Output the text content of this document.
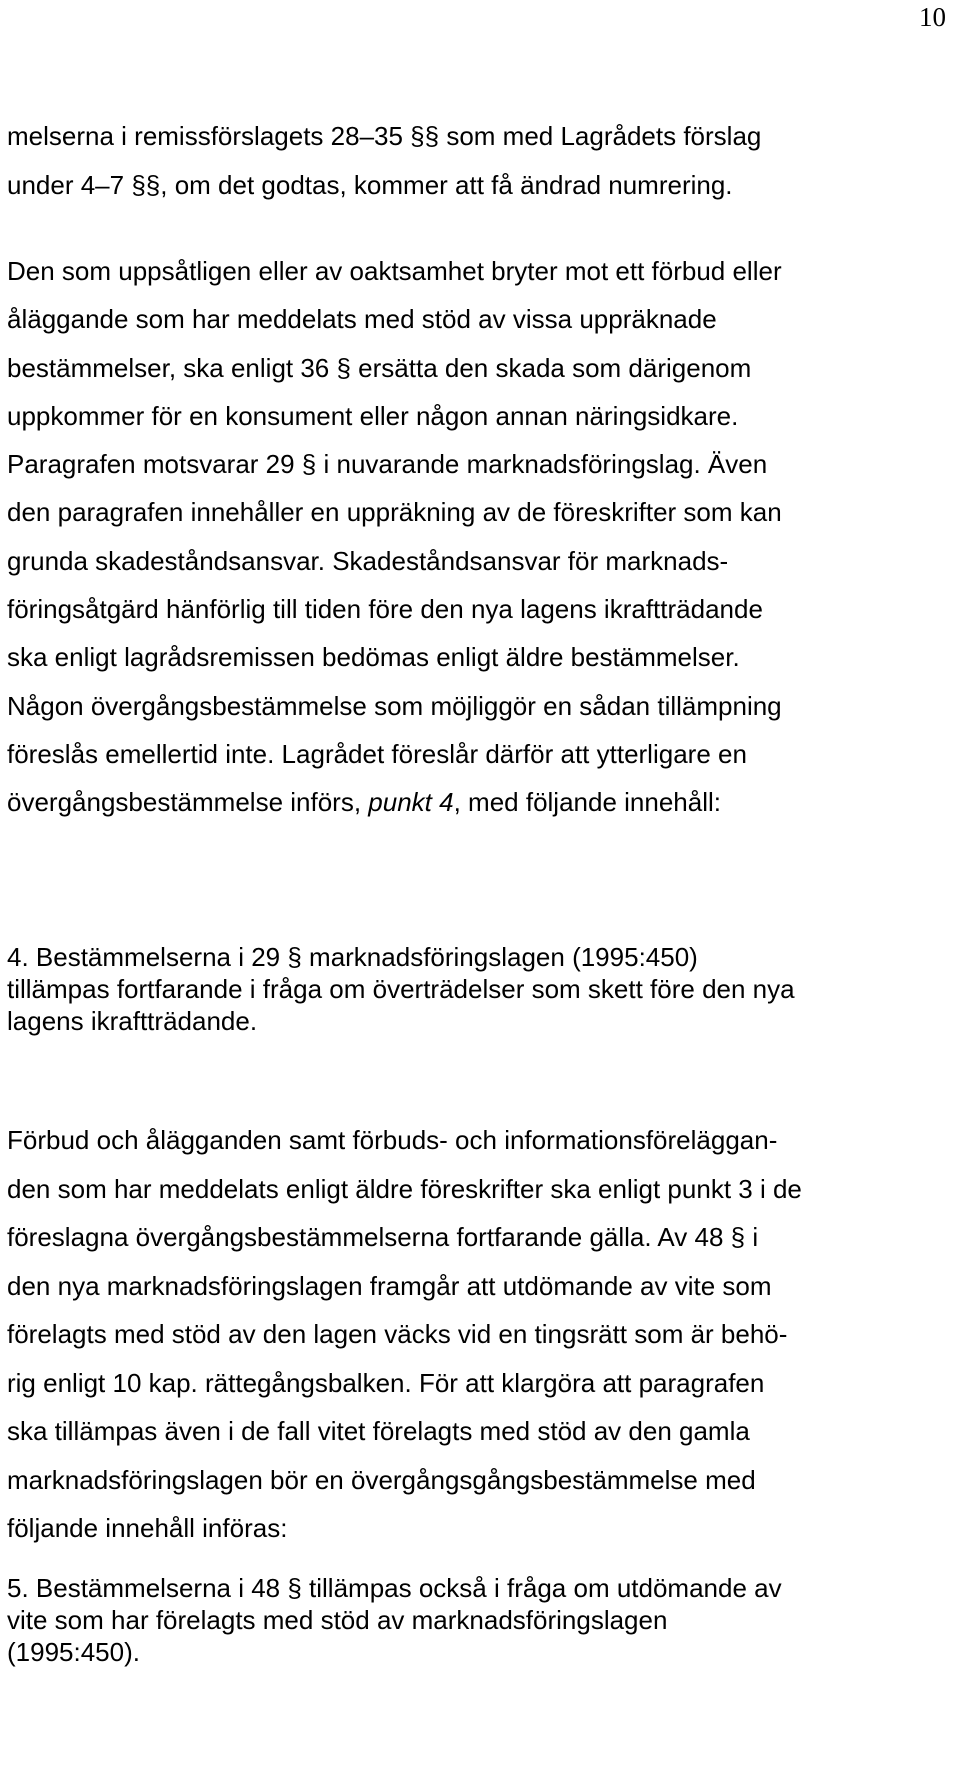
10

melserna i remissförslagets 28–35 §§ som med Lagrådets förslag
under 4–7 §§, om det godtas, kommer att få ändrad numrering.

Den som uppsåtligen eller av oaktsamhet bryter mot ett förbud eller
åläggande som har meddelats med stöd av vissa uppräknade
bestämmelser, ska enligt 36 § ersätta den skada som därigenom
uppkommer för en konsument eller någon annan näringsidkare.
Paragrafen motsvarar 29 § i nuvarande marknadsföringslag. Även
den paragrafen innehåller en uppräkning av de föreskrifter som kan
grunda skadeståndsansvar. Skadeståndsansvar för marknads-
föringsåtgärd hänförlig till tiden före den nya lagens ikraftträdande
ska enligt lagrådsremissen bedömas enligt äldre bestämmelser.
Någon övergångsbestämmelse som möjliggör en sådan tillämpning
föreslås emellertid inte. Lagrådet föreslår därför att ytterligare en
övergångsbestämmelse införs, punkt 4, med följande innehåll:

4. Bestämmelserna i 29 § marknadsföringslagen (1995:450)
tillämpas fortfarande i fråga om överträdelser som skett före den nya
lagens ikraftträdande.

Förbud och ålägganden samt förbuds- och informationsföreläggan-
den som har meddelats enligt äldre föreskrifter ska enligt punkt 3 i de
föreslagna övergångsbestämmelserna fortfarande gälla. Av 48 § i
den nya marknadsföringslagen framgår att utdömande av vite som
förelagts med stöd av den lagen väcks vid en tingsrätt som är behö-
rig enligt 10 kap. rättegångsbalken. För att klargöra att paragrafen
ska tillämpas även i de fall vitet förelagts med stöd av den gamla
marknadsföringslagen bör en övergångsgångsbestämmelse med
följande innehåll införas:

5. Bestämmelserna i 48 § tillämpas också i fråga om utdömande av
vite som har förelagts med stöd av marknadsföringslagen
(1995:450).
